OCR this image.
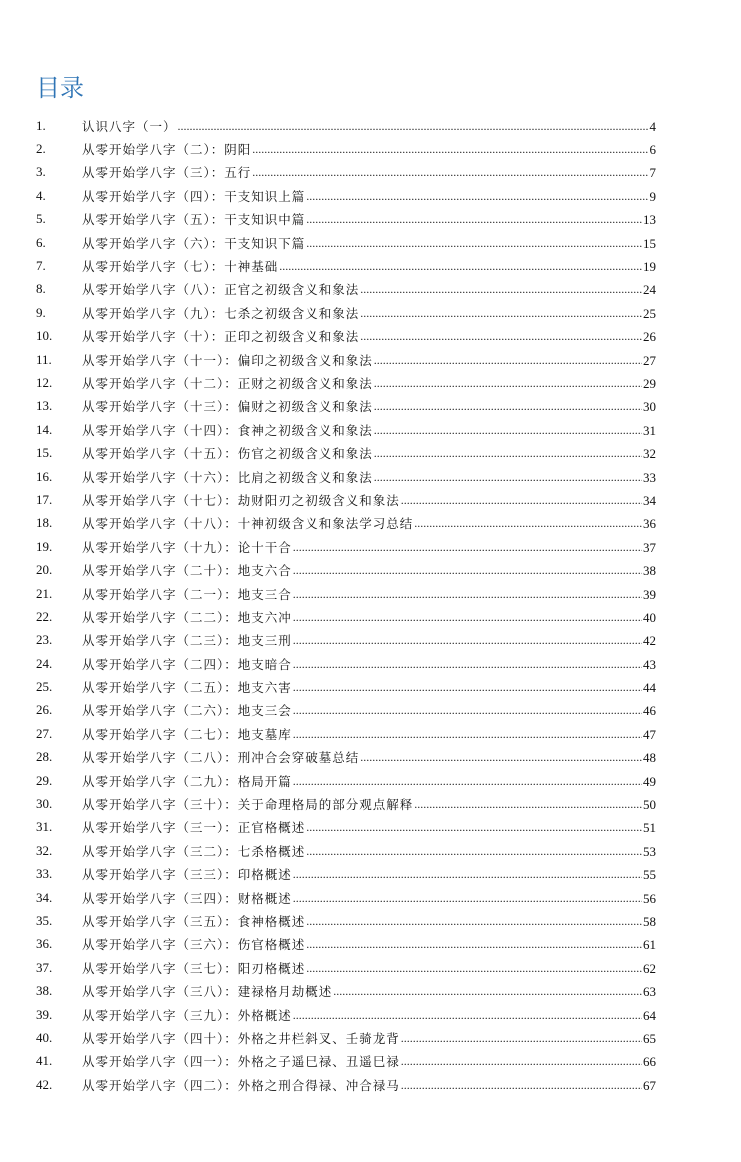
目录
1.	认识八字（一） .....	4
2.	从零开始学八字（二）：阴阳 .....	6
3.	从零开始学八字（三）：五行 .....	7
4.	从零开始学八字（四）：干支知识上篇 .....	9
5.	从零开始学八字（五）：干支知识中篇 .....	13
6.	从零开始学八字（六）：干支知识下篇 .....	15
7.	从零开始学八字（七）：十神基础 .....	19
8.	从零开始学八字（八）：正官之初级含义和象法 .....	24
9.	从零开始学八字（九）：七杀之初级含义和象法 .....	25
10. 从零开始学八字（十）：正印之初级含义和象法 .....	26
11. 从零开始学八字（十一）：偏印之初级含义和象法 .....	27
12. 从零开始学八字（十二）：正财之初级含义和象法 .....	29
13. 从零开始学八字（十三）：偏财之初级含义和象法 .....	30
14. 从零开始学八字（十四）：食神之初级含义和象法 .....	31
15. 从零开始学八字（十五）：伤官之初级含义和象法 .....	32
16. 从零开始学八字（十六）：比肩之初级含义和象法 .....	33
17. 从零开始学八字（十七）：劫财阳刃之初级含义和象法 .....	34
18. 从零开始学八字（十八）：十神初级含义和象法学习总结 .....	36
19. 从零开始学八字（十九）：论十干合 .....	37
20. 从零开始学八字（二十）：地支六合 .....	38
21. 从零开始学八字（二一）：地支三合 .....	39
22. 从零开始学八字（二二）：地支六冲 .....	40
23. 从零开始学八字（二三）：地支三刑 .....	42
24. 从零开始学八字（二四）：地支暗合 .....	43
25. 从零开始学八字（二五）：地支六害 .....	44
26. 从零开始学八字（二六）：地支三会 .....	46
27. 从零开始学八字（二七）：地支墓库 .....	47
28. 从零开始学八字（二八）：刑冲合会穿破墓总结 .....	48
29. 从零开始学八字（二九）：格局开篇 .....	49
30. 从零开始学八字（三十）：关于命理格局的部分观点解释 .....	50
31. 从零开始学八字（三一）：正官格概述 .....	51
32. 从零开始学八字（三二）：七杀格概述 .....	53
33. 从零开始学八字（三三）：印格概述 .....	55
34. 从零开始学八字（三四）：财格概述 .....	56
35. 从零开始学八字（三五）：食神格概述 .....	58
36. 从零开始学八字（三六）：伤官格概述 .....	61
37. 从零开始学八字（三七）：阳刃格概述 .....	62
38. 从零开始学八字（三八）：建禄格月劫概述 .....	63
39. 从零开始学八字（三九）：外格概述 .....	64
40. 从零开始学八字（四十）：外格之井栏斜叉、壬骑龙背 .....	65
41. 从零开始学八字（四一）：外格之子遥巳禄、丑遥巳禄 .....	66
42. 从零开始学八字（四二）：外格之刑合得禄、冲合禄马 .....	67
